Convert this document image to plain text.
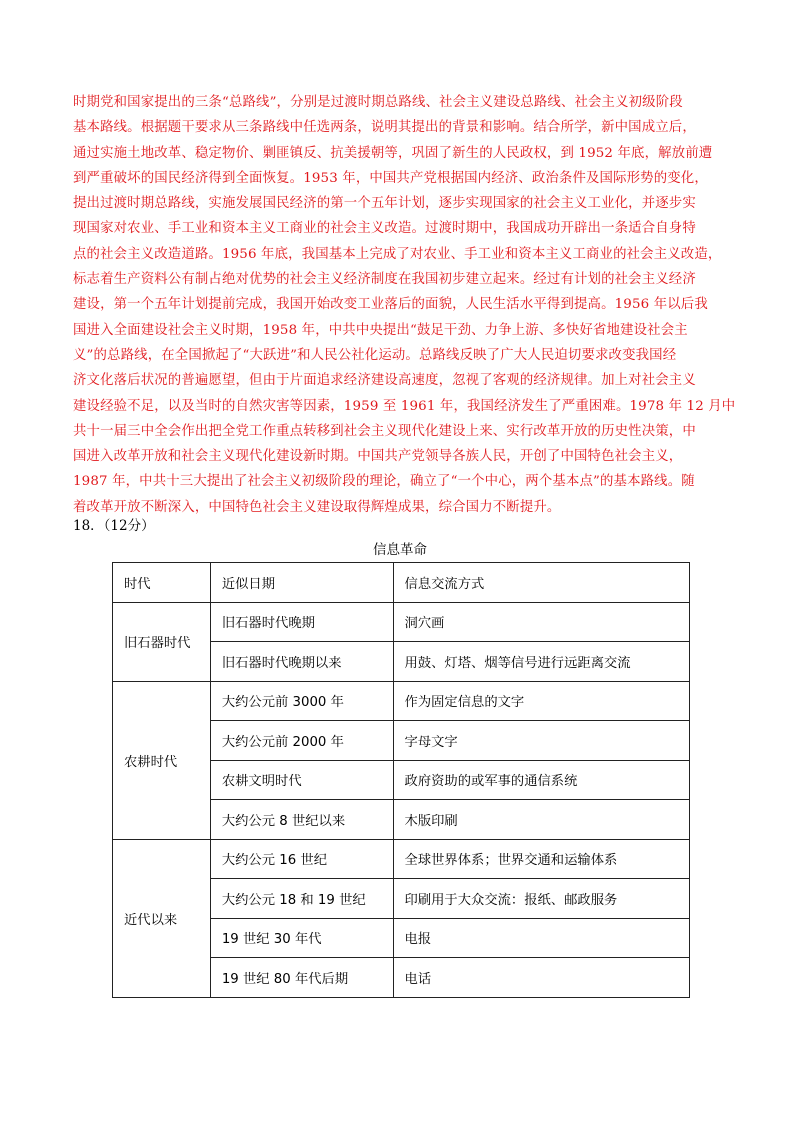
时期党和国家提出的三条“总路线”，分别是过渡时期总路线、社会主义建设总路线、社会主义初级阶段
基本路线。根据题干要求从三条路线中任选两条，说明其提出的背景和影响。结合所学，新中国成立后，
通过实施土地改革、稳定物价、剿匪镇反、抗美援朝等，巩固了新生的人民政权，到 1952 年底，解放前遭
到严重破坏的国民经济得到全面恢复。1953 年，中国共产党根据国内经济、政治条件及国际形势的变化，
提出过渡时期总路线，实施发展国民经济的第一个五年计划，逐步实现国家的社会主义工业化，并逐步实
现国家对农业、手工业和资本主义工商业的社会主义改造。过渡时期中，我国成功开辟出一条适合自身特
点的社会主义改造道路。1956 年底，我国基本上完成了对农业、手工业和资本主义工商业的社会主义改造，
标志着生产资料公有制占绝对优势的社会主义经济制度在我国初步建立起来。经过有计划的社会主义经济
建设，第一个五年计划提前完成，我国开始改变工业落后的面貌，人民生活水平得到提高。1956 年以后我
国进入全面建设社会主义时期，1958 年，中共中央提出“鼓足干劲、力争上游、多快好省地建设社会主
义”的总路线，在全国掀起了“大跃进”和人民公社化运动。总路线反映了广大人民迫切要求改变我国经
济文化落后状况的普遍愿望，但由于片面追求经济建设高速度，忽视了客观的经济规律。加上对社会主义
建设经验不足，以及当时的自然灾害等因素，1959 至 1961 年，我国经济发生了严重困难。1978 年 12 月中
共十一届三中全会作出把全党工作重点转移到社会主义现代化建设上来、实行改革开放的历史性决策，中
国进入改革开放和社会主义现代化建设新时期。中国共产党领导各族人民，开创了中国特色社会主义，
1987 年，中共十三大提出了社会主义初级阶段的理论，确立了“一个中心，两个基本点”的基本路线。随
着改革开放不断深入，中国特色社会主义建设取得辉煌成果，综合国力不断提升。
18．（12分）
信息革命
时代	近似日期	信息交流方式
旧石器时代	旧石器时代晚期	洞穴画
	旧石器时代晚期以来	用鼓、灯塔、烟等信号进行远距离交流
农耕时代	大约公元前 3000 年	作为固定信息的文字
	大约公元前 2000 年	字母文字
	农耕文明时代	政府资助的或军事的通信系统
	大约公元 8 世纪以来	木版印刷
近代以来	大约公元 16 世纪	全球世界体系；世界交通和运输体系
	大约公元 18 和 19 世纪	印刷用于大众交流：报纸、邮政服务
	19 世纪 30 年代	电报
	19 世纪 80 年代后期	电话
